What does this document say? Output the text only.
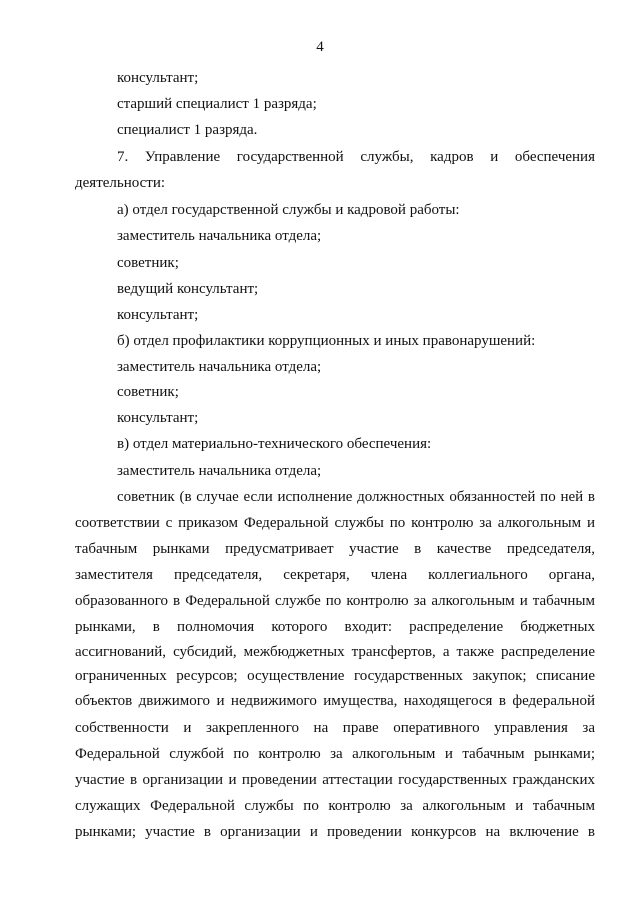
4
консультант;
старший специалист 1 разряда;
специалист 1 разряда.
7. Управление государственной службы, кадров и обеспечения
деятельности:
а) отдел государственной службы и кадровой работы:
заместитель начальника отдела;
советник;
ведущий консультант;
консультант;
б) отдел профилактики коррупционных и иных правонарушений:
заместитель начальника отдела;
советник;
консультант;
в) отдел материально-технического обеспечения:
заместитель начальника отдела;
советник (в случае если исполнение должностных обязанностей по ней в
соответствии с приказом Федеральной службы по контролю за алкогольным и
табачным рынками предусматривает участие в качестве председателя,
заместителя председателя, секретаря, члена коллегиального органа,
образованного в Федеральной службе по контролю за алкогольным и табачным
рынками, в полномочия которого входит: распределение бюджетных
ассигнований, субсидий, межбюджетных трансфертов, а также распределение
ограниченных ресурсов; осуществление государственных закупок; списание
объектов движимого и недвижимого имущества, находящегося в федеральной
собственности и закрепленного на праве оперативного управления за
Федеральной службой по контролю за алкогольным и табачным рынками;
участие в организации и проведении аттестации государственных гражданских
служащих Федеральной службы по контролю за алкогольным и табачным
рынками; участие в организации и проведении конкурсов на включение в
